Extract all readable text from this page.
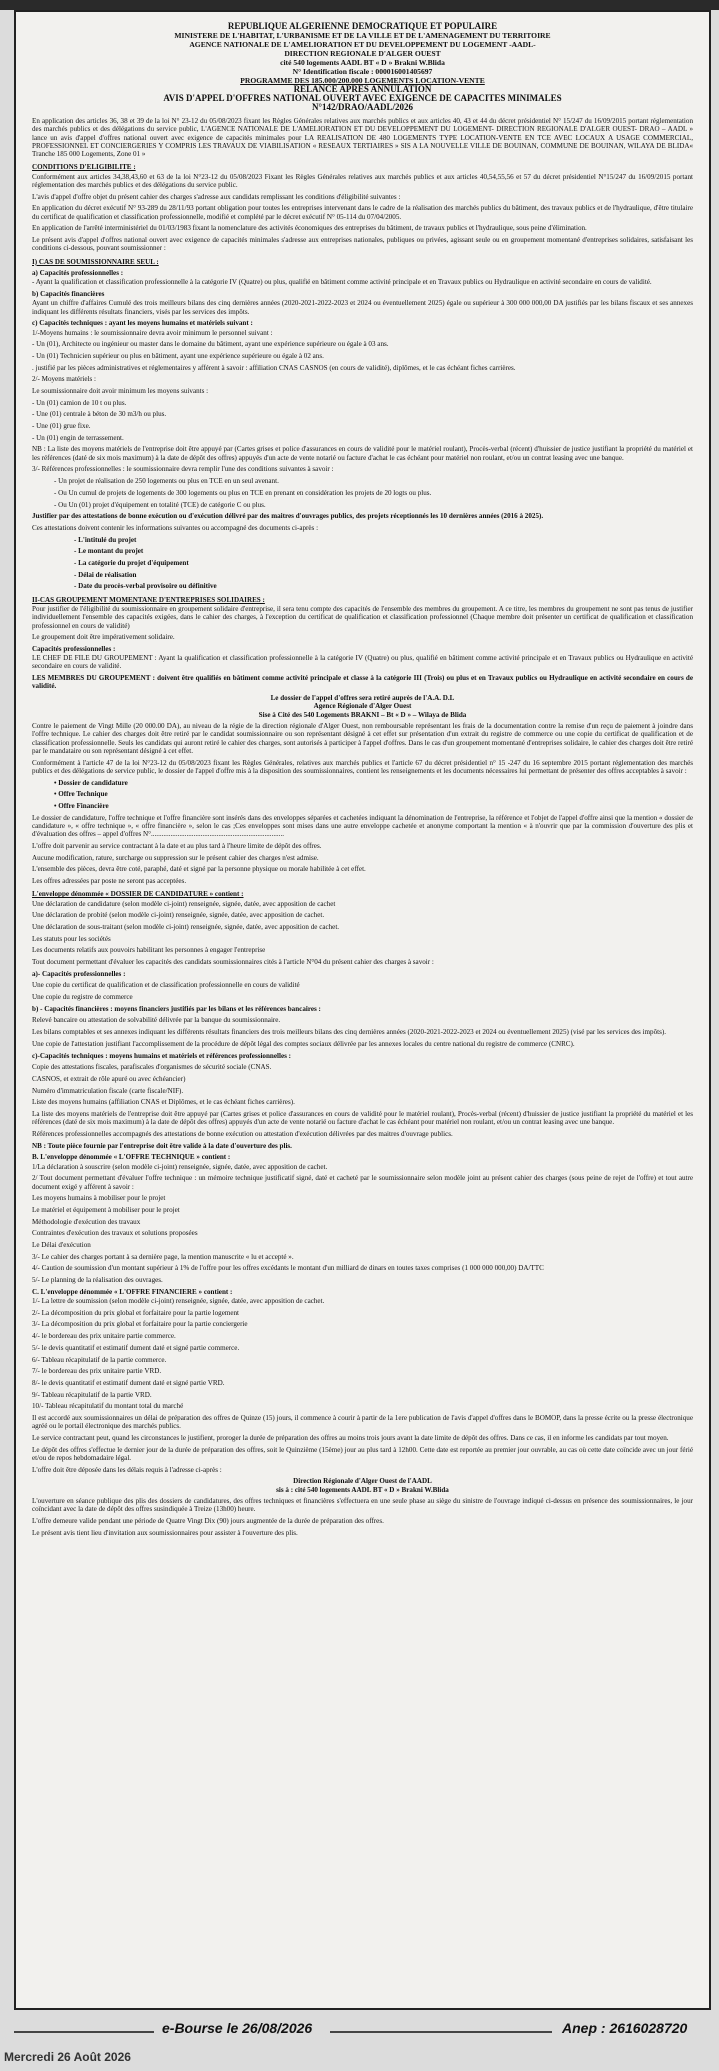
REPUBLIQUE ALGERIENNE DEMOCRATIQUE ET POPULAIRE
MINISTERE DE L'HABITAT, L'URBANISME ET DE LA VILLE ET DE L'AMENAGEMENT DU TERRITOIRE
AGENCE NATIONALE DE L'AMELIORATION ET DU DEVELOPPEMENT DU LOGEMENT -AADL-
DIRECTION REGIONALE D'ALGER OUEST
cité 540 logements AADL BT « D » Brakni W.Blida
N° Identification fiscale : 000016001405697
PROGRAMME DES 185.000/200.000 LOGEMENTS LOCATION-VENTE
RELANCE APRES ANNULATION
AVIS D'APPEL D'OFFRES NATIONAL OUVERT AVEC EXIGENCE DE CAPACITES MINIMALES
N°142/DRAO/AADL/2026

En application des articles 36, 38 et 39 de la loi N° 23-12 du 05/08/2023 fixant les Règles Générales relatives aux marchés publics et aux articles 40, 43 et 44 du décret présidentiel N° 15/247 du 16/09/2015 portant réglementation des marchés publics et des délégations du service public, L'AGENCE NATIONALE DE L'AMELIORATION ET DU DEVELOPPEMENT DU LOGEMENT- DIRECTION REGIONALE D'ALGER OUEST- DRAO – AADL » lance un avis d'appel d'offres national ouvert avec exigence de capacités minimales pour LA REALISATION DE 480 LOGEMENTS TYPE LOCATION-VENTE EN TCE AVEC LOCAUX A USAGE COMMERCIAL, PROFESSIONNEL ET CONCIERGERIES Y COMPRIS LES TRAVAUX DE VIABILISATION « RESEAUX TERTIAIRES » SIS A LA NOUVELLE VILLE DE BOUINAN, COMMUNE DE BOUINAN, WILAYA DE BLIDA« Tranche 185 000 Logements, Zone 01 »

CONDITIONS D'ELIGIBILITE :

Conformément aux articles 34,38,43,60 et 63 de la loi N°23-12 du 05/08/2023 Fixant les Règles Générales relatives aux marchés publics et aux articles 40,54,55,56 et 57 du décret présidentiel N°15/247 du 16/09/2015 portant réglementation des marchés publics et des délégations du service public.

L'avis d'appel d'offre objet du présent cahier des charges s'adresse aux candidats remplissant les conditions d'éligibilité suivantes :

En application du décret exécutif N° 93-289 du 28/11/93 portant obligation pour toutes les entreprises intervenant dans le cadre de la réalisation des marchés publics du bâtiment, des travaux publics et de l'hydraulique, d'être titulaire du certificat de qualification et classification professionnelle, modifié et complété par le décret exécutif N° 05-114 du 07/04/2005.

En application de l'arrêté interministériel du 01/03/1983 fixant la nomenclature des activités économiques des entreprises du bâtiment, de travaux publics et l'hydraulique, sous peine d'élimination.

Le présent avis d'appel d'offres national ouvert avec exigence de capacités minimales s'adresse aux entreprises nationales, publiques ou privées, agissant seule ou en groupement momentané d'entreprises solidaires, satisfaisant les conditions ci-dessous, pouvant soumissionner :

I) CAS DE SOUMISSIONNAIRE SEUL :
a) Capacités professionnelles :

- Ayant la qualification et classification professionnelle à la catégorie IV (Quatre) ou plus, qualifié en bâtiment comme activité principale et en Travaux publics ou Hydraulique en activité secondaire en cours de validité.

b) Capacités financières

Ayant un chiffre d'affaires Cumulé des trois meilleurs bilans des cinq dernières années (2020-2021-2022-2023 et 2024 ou éventuellement 2025) égale ou supérieur à 300 000 000,00 DA justifiés par les bilans fiscaux et ses annexes indiquant les différents résultats financiers, visés par les services des impôts.

c) Capacités techniques : ayant les moyens humains et matériels suivant :

1/-Moyens humains : le soumissionnaire devra avoir minimum le personnel suivant :

- Un (01), Architecte ou ingénieur ou master dans le domaine du bâtiment, ayant une expérience supérieure ou égale à 03 ans.

- Un (01) Technicien supérieur ou plus en bâtiment, ayant une expérience supérieure ou égale à 02 ans.

. justifié par les pièces administratives et réglementaires y afférent à savoir : affiliation CNAS CASNOS (en cours de validité), diplômes, et le cas échéant fiches carrières.

2/- Moyens matériels :

Le soumissionnaire doit avoir minimum les moyens suivants :

- Un (01) camion de 10 t ou plus.

- Une (01) centrale à béton de 30 m3/h ou plus.

- Une (01) grue fixe.

- Un (01) engin de terrassement.

NB : La liste des moyens matériels de l'entreprise doit être appuyé par (Cartes grises et police d'assurances en cours de validité pour le matériel roulant), Procès-verbal (récent) d'huissier de justice justifiant la propriété du matériel et les références (daté de six mois maximum) à la date de dépôt des offres) appuyés d'un acte de vente notarié ou facture d'achat le cas échéant pour matériel non roulant, et/ou un contrat leasing avec une banque.

3/- Références professionnelles : le soumissionnaire devra remplir l'une des conditions suivantes à savoir :

- Un projet de réalisation de 250 logements ou plus en TCE en un seul avenant.

- Ou Un cumul de projets de logements de 300 logements ou plus en TCE en prenant en considération les projets de 20 logts ou plus.

- Ou Un (01) projet d'équipement en totalité (TCE) de catégorie C ou plus.

Justifier par des attestations de bonne exécution ou d'exécution délivré par des maitres d'ouvrages publics, des projets réceptionnés les 10 dernières années (2016 à 2025).

Ces attestations doivent contenir les informations suivantes ou accompagné des documents ci-après :

- L'intitulé du projet

- Le montant du projet

- La catégorie du projet d'équipement

- Délai de réalisation

- Date du procès-verbal provisoire ou définitive

II-CAS GROUPEMENT MOMENTANE D'ENTREPRISES SOLIDAIRES :

Pour justifier de l'éligibilité du soumissionnaire en groupement solidaire d'entreprise, il sera tenu compte des capacités de l'ensemble des membres du groupement. A ce titre, les membres du groupement ne sont pas tenus de justifier individuellement l'ensemble des capacités exigées, dans le cahier des charges, à l'exception du certificat de qualification et classification professionnel (Chaque membre doit présenter un certificat de qualification et classification professionnel en cours de validité)

Le groupement doit être impérativement solidaire.

Capacités professionnelles :

LE CHEF DE FILE DU GROUPEMENT : Ayant la qualification et classification professionnelle à la catégorie IV (Quatre) ou plus, qualifié en bâtiment comme activité principale et en Travaux publics ou Hydraulique en activité secondaire en cours de validité.

LES MEMBRES DU GROUPEMENT : doivent être qualifiés en bâtiment comme activité principale et classe à la catégorie III (Trois) ou plus et en Travaux publics ou Hydraulique en activité secondaire en cours de validité.

Le dossier de l'appel d'offres sera retiré auprès de l'A.A. D.L
Agence Régionale d'Alger Ouest
Sise à Cité des 540 Logements BRAKNI – Bt « D » – Wilaya de Blida

Contre le paiement de Vingt Mille (20 000.00 DA), au niveau de la régie de la direction régionale d'Alger Ouest, non remboursable représentant les frais de la documentation contre la remise d'un reçu de paiement à joindre dans l'offre technique. Le cahier des charges doit être retiré par le candidat soumissionnaire ou son représentant désigné à cet effet sur présentation d'un extrait du registre de commerce ou une copie du certificat de qualification et de classification professionnelle. Seuls les candidats qui auront retiré le cahier des charges, sont autorisés à participer à l'appel d'offres. Dans le cas d'un groupement momentané d'entreprises solidaire, le cahier des charges doit être retiré par le mandataire ou son représentant désigné à cet effet.

Conformément à l'article 47 de la loi N°23-12 du 05/08/2023 fixant les Règles Générales, relatives aux marchés publics et l'article 67 du décret présidentiel n° 15 -247 du 16 septembre 2015 portant réglementation des marchés publics et des délégations de service public, le dossier de l'appel d'offre mis à la disposition des soumissionnaires, contient les renseignements et les documents nécessaires lui permettant de présenter des offres acceptables à savoir :

• Dossier de candidature

• Offre Technique

• Offre Financière

Le dossier de candidature, l'offre technique et l'offre financière sont insérés dans des enveloppes séparées et cachetées indiquant la dénomination de l'entreprise, la référence et l'objet de l'appel d'offre ainsi que la mention « dossier de candidature », « offre technique », « offre financière », selon le cas ;Ces enveloppes sont mises dans une autre enveloppe cachetée et anonyme comportant la mention « à n'ouvrir que par la commission d'ouverture des plis et d'évaluation des offres – appel d'offres N°...........................................................................

L'offre doit parvenir au service contractant à la date et au plus tard à l'heure limite de dépôt des offres.

Aucune modification, rature, surcharge ou suppression sur le présent cahier des charges n'est admise.

L'ensemble des pièces, devra être coté, paraphé, daté et signé par la personne physique ou morale habilitée à cet effet.

Les offres adressées par poste ne seront pas acceptées.

L'enveloppe dénommée « DOSSIER DE CANDIDATURE » contient :

Une déclaration de candidature (selon modèle ci-joint) renseignée, signée, datée, avec apposition de cachet

Une déclaration de probité (selon modèle ci-joint) renseignée, signée, datée, avec apposition de cachet.

Une déclaration de sous-traitant (selon modèle ci-joint) renseignée, signée, datée, avec apposition de cachet.

Les statuts pour les sociétés

Les documents relatifs aux pouvoirs habilitant les personnes à engager l'entreprise

Tout document permettant d'évaluer les capacités des candidats soumissionnaires cités à l'article N°04 du présent cahier des charges à savoir :

a)- Capacités professionnelles :

Une copie du certificat de qualification et de classification professionnelle en cours de validité

Une copie du registre de commerce

b) - Capacités financières : moyens financiers justifiés par les bilans et les références bancaires :

Relevé bancaire ou attestation de solvabilité délivrée par la banque du soumissionnaire.

Les bilans comptables et ses annexes indiquant les différents résultats financiers des trois meilleurs bilans des cinq dernières années (2020-2021-2022-2023 et 2024 ou éventuellement 2025) (visé par les services des impôts).

Une copie de l'attestation justifiant l'accomplissement de la procédure de dépôt légal des comptes sociaux délivrée par les annexes locales du centre national du registre de commerce (CNRC).

c)-Capacités techniques : moyens humains et matériels et références professionnelles :

Copie des attestations fiscales, parafiscales d'organismes de sécurité sociale (CNAS.

CASNOS, et extrait de rôle apuré ou avec échéancier)

Numéro d'immatriculation fiscale (carte fiscale/NIF).

Liste des moyens humains (affiliation CNAS et Diplômes, et le cas échéant fiches carrières).

La liste des moyens matériels de l'entreprise doit être appuyé par (Cartes grises et police d'assurances en cours de validité pour le matériel roulant), Procès-verbal (récent) d'huissier de justice justifiant la propriété du matériel et les références (daté de six mois maximum) à la date de dépôt des offres) appuyés d'un acte de vente notarié ou facture d'achat le cas échéant pour matériel non roulant, et/ou un contrat leasing avec une banque.

Références professionnelles accompagnés des attestations de bonne exécution ou attestation d'exécution délivrées par des maitres d'ouvrage publics.

NB : Toute pièce fournie par l'entreprise doit être valide à la date d'ouverture des plis.

B. L'enveloppe dénommée « L'OFFRE TECHNIQUE » contient :

1/La déclaration à souscrire (selon modèle ci-joint) renseignée, signée, datée, avec apposition de cachet.

2/ Tout document permettant d'évaluer l'offre technique : un mémoire technique justificatif signé, daté et cacheté par le soumissionnaire selon modèle joint au présent cahier des charges (sous peine de rejet de l'offre) et tout autre document exigé y afférent à savoir :

Les moyens humains à mobiliser pour le projet

Le matériel et équipement à mobiliser pour le projet

Méthodologie d'exécution des travaux

Contraintes d'exécution des travaux et solutions proposées

Le Délai d'exécution

3/- Le cahier des charges portant à sa dernière page, la mention manuscrite « lu et accepté ».

4/- Caution de soumission d'un montant supérieur à 1% de l'offre pour les offres excédants le montant d'un milliard de dinars en toutes taxes comprises (1 000 000 000,00) DA/TTC

5/- Le planning de la réalisation des ouvrages.

C. L'enveloppe dénommée « L'OFFRE FINANCIERE » contient :

1/- La lettre de soumission (selon modèle ci-joint) renseignée, signée, datée, avec apposition de cachet.

2/- La décomposition du prix global et forfaitaire pour la partie logement

3/- La décomposition du prix global et forfaitaire pour la partie conciergerie

4/- le bordereau des prix unitaire partie commerce.

5/- le devis quantitatif et estimatif dument daté et signé partie commerce.

6/- Tableau récapitulatif de la partie commerce.

7/- le bordereau des prix unitaire partie VRD.

8/- le devis quantitatif et estimatif dument daté et signé partie VRD.

9/- Tableau récapitulatif de la partie VRD.

10/- Tableau récapitulatif du montant total du marché

Il est accordé aux soumissionnaires un délai de préparation des offres de Quinze (15) jours, il commence à courir à partir de la 1ere publication de l'avis d'appel d'offres dans le BOMOP, dans la presse écrite ou la presse électronique agréé ou le portail électronique des marchés publics.

Le service contractant peut, quand les circonstances le justifient, proroger la durée de préparation des offres au moins trois jours avant la date limite de dépôt des offres. Dans ce cas, il en informe les candidats par tout moyen.

Le dépôt des offres s'effectue le dernier jour de la durée de préparation des offres, soit le Quinzième (15ème) jour au plus tard à 12h00. Cette date est reportée au premier jour ouvrable, au cas où cette date coïncide avec un jour férié et/ou de repos hebdomadaire légal.

L'offre doit être déposée dans les délais requis à l'adresse ci-après :

Direction Régionale d'Alger Ouest de l'AADL
sis à : cité 540 logements AADL BT « D » Brakni W.Blida

L'ouverture en séance publique des plis des dossiers de candidatures, des offres techniques et financières s'effectuera en une seule phase au siège du sinistre de l'ouvrage indiqué ci-dessus en présence des soumissionnaires, le jour coïncidant avec la date de dépôt des offres susindiquée à Treize (13h00) heure.

L'offre demeure valide pendant une période de Quatre Vingt Dix (90) jours augmentée de la durée de préparation des offres.

Le présent avis tient lieu d'invitation aux soumissionnaires pour assister à l'ouverture des plis.

e-Bourse le 26/08/2026	Anep : 2616028720
Mercredi 26 Août 2026
